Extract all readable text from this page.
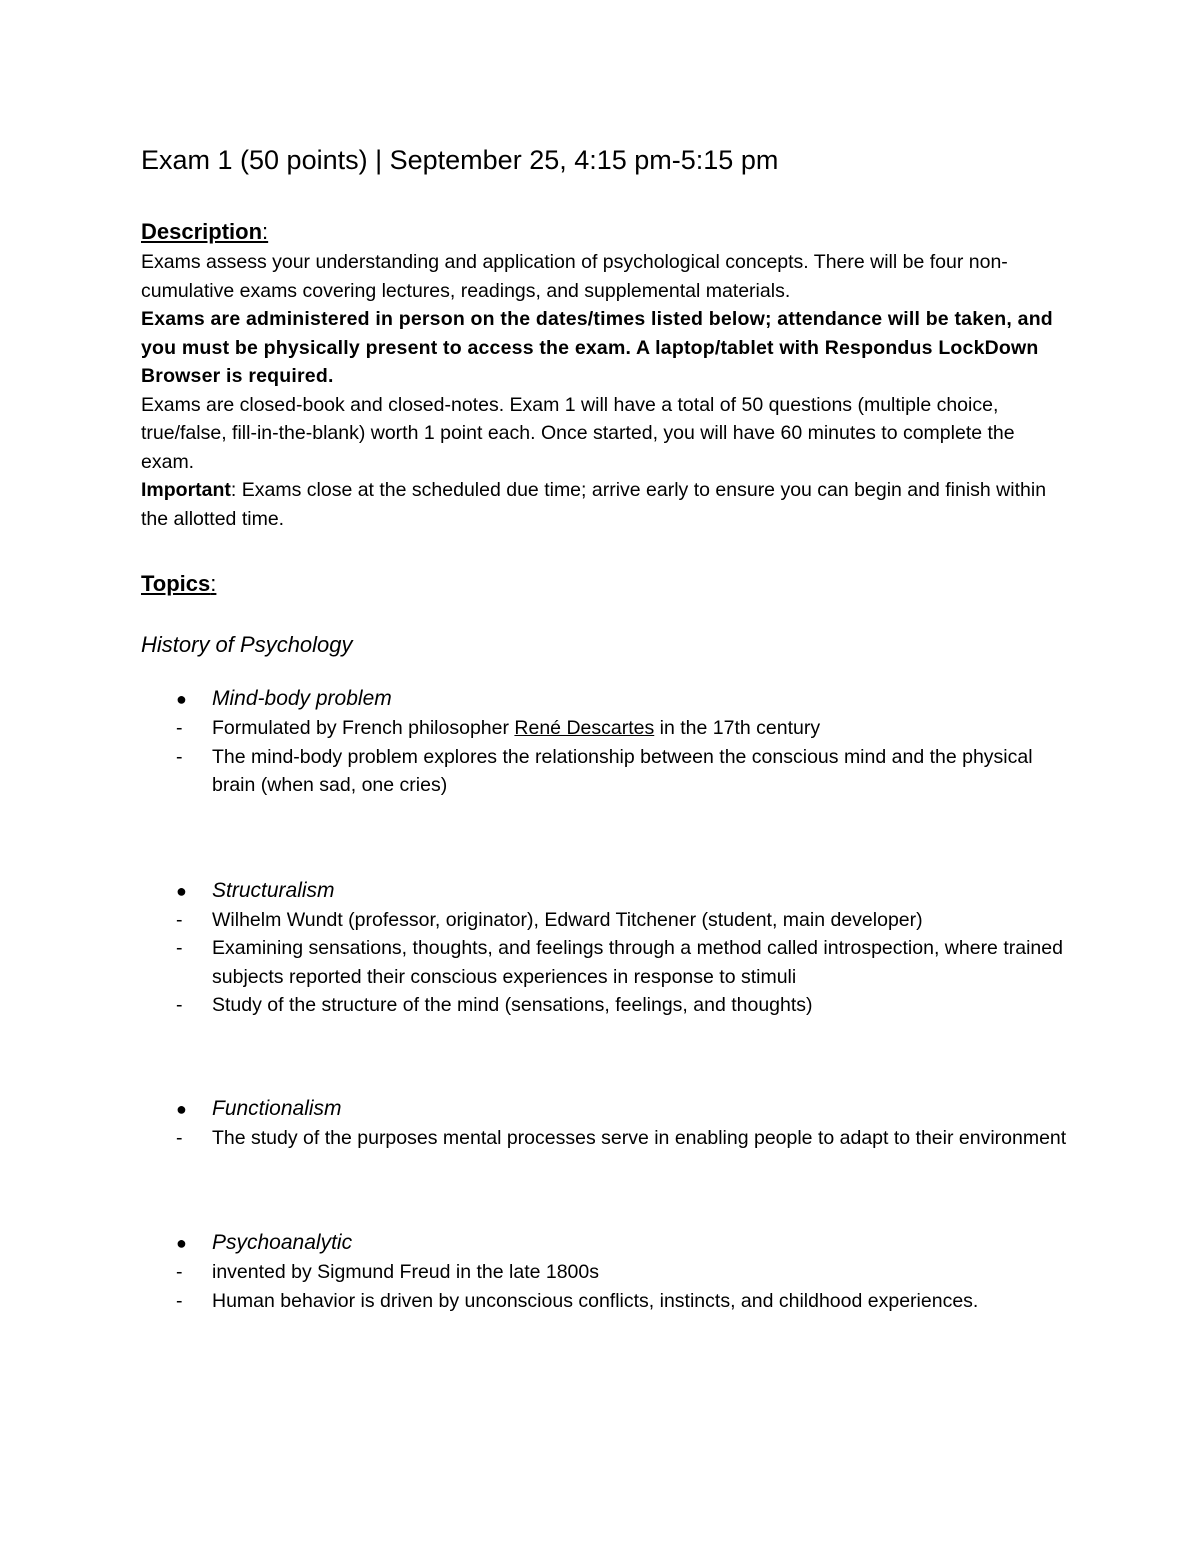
Exam 1 (50 points) | September 25, 4:15 pm-5:15 pm
Description:

Exams assess your understanding and application of psychological concepts. There will be four non-cumulative exams covering lectures, readings, and supplemental materials.

Exams are administered in person on the dates/times listed below; attendance will be taken, and you must be physically present to access the exam. A laptop/tablet with Respondus LockDown Browser is required.

Exams are closed-book and closed-notes. Exam 1 will have a total of 50 questions (multiple choice, true/false, fill-in-the-blank) worth 1 point each. Once started, you will have 60 minutes to complete the exam.

Important: Exams close at the scheduled due time; arrive early to ensure you can begin and finish within the allotted time.

Topics:
History of Psychology
● Mind-body problem
- Formulated by French philosopher René Descartes in the 17th century
- The mind-body problem explores the relationship between the conscious mind and the physical brain (when sad, one cries)
● Structuralism
- Wilhelm Wundt (professor, originator), Edward Titchener (student, main developer)
- Examining sensations, thoughts, and feelings through a method called introspection, where trained subjects reported their conscious experiences in response to stimuli
- Study of the structure of the mind (sensations, feelings, and thoughts)
● Functionalism
- The study of the purposes mental processes serve in enabling people to adapt to their environment
● Psychoanalytic
- invented by Sigmund Freud in the late 1800s
- Human behavior is driven by unconscious conflicts, instincts, and childhood experiences.
